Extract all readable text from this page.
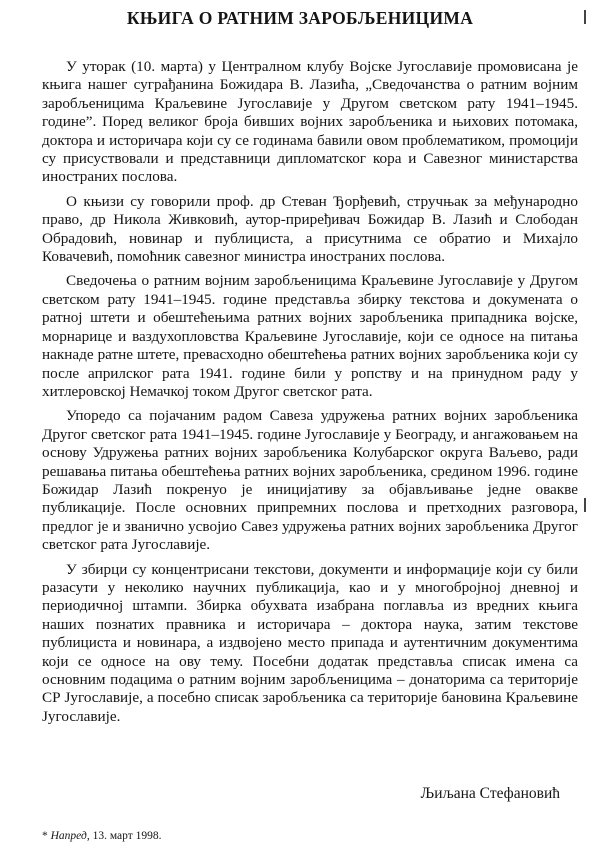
КЊИГА О РАТНИМ ЗАРОБЉЕНИЦИМА

У уторак (10. марта) у Централном клубу Војске Југославије промовисана је књига нашег суграђанина Божидара В. Лазића, „Сведочанства о ратним војним заробљеницима Краљевине Југославије у Другом светском рату 1941–1945. године”. Поред великог броја бивших војних заробљеника и њихових потомака, доктора и историчара који су се годинама бавили овом проблематиком, промоцији су присуствовали и представници дипломатског кора и Савезног министарства иностраних послова.

О књизи су говорили проф. др Стеван Ђорђевић, стручњак за међународно право, др Никола Живковић, аутор-приређивач Божидар В. Лазић и Слободан Обрадовић, новинар и публициста, а присутнима се обратио и Михајло Ковачевић, помоћник савезног министра иностраних послова.

Сведочења о ратним војним заробљеницима Краљевине Југославије у Другом светском рату 1941–1945. године представља збирку текстова и докумената о ратној штети и обештећењима ратних војних заробљеника припадника војске, морнарице и ваздухопловства Краљевине Југославије, који се односе на питања накнаде ратне штете, превасходно обештећења ратних војних заробљеника који су после априлског рата 1941. године били у ропству и на принудном раду у хитлеровској Немачкој током Другог светског рата.

Упоредо са појачаним радом Савеза удружења ратних војних заробљеника Другог светског рата 1941–1945. године Југославије у Београду, и ангажовањем на основу Удружења ратних војних заробљеника Колубарског округа Ваљево, ради решавања питања обештећења ратних војних заробљеника, средином 1996. године Божидар Лазић покренуо је иницијативу за објављивање једне овакве публикације. После основних припремних послова и претходних разговора, предлог је и званично усвојио Савез удружења ратних војних заробљеника Другог светског рата Југославије.

У збирци су концентрисани текстови, документи и информације који су били разасути у неколико научних публикација, као и у многобројној дневној и периодичној штампи. Збирка обухвата изабрана поглавља из вредних књига наших познатих правника и историчара – доктора наука, затим текстове публициста и новинара, а издвојено место припада и аутентичним документима који се односе на ову тему. Посебни додатак представља списак имена са основним подацима о ратним војним заробљеницима – донаторима са територије СР Југославије, а посебно списак заробљеника са територије бановина Краљевине Југославије.

Љиљана Стефановић

* Напред, 13. март 1998.
